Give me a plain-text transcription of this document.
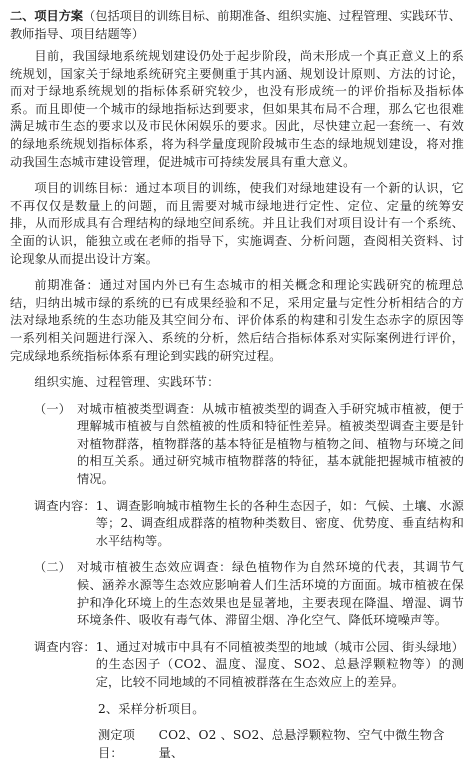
二、项目方案（包括项目的训练目标、前期准备、组织实施、过程管理、实践环节、教师指导、项目结题等）

目前，我国绿地系统规划建设仍处于起步阶段，尚未形成一个真正意义上的系统规划，国家关于绿地系统研究主要侧重于其内涵、规划设计原则、方法的讨论，而对于绿地系统规划的指标体系研究较少，也没有形成统一的评价指标及指标体系。而且即使一个城市的绿地指标达到要求，但如果其布局不合理，那么它也很难满足城市生态的要求以及市民休闲娱乐的要求。因此，尽快建立起一套统一、有效的绿地系统规划指标体系，将为科学量度现阶段城市生态的绿地规划建设，将对推动我国生态城市建设管理，促进城市可持续发展具有重大意义。

项目的训练目标：通过本项目的训练，使我们对绿地建设有一个新的认识，它不再仅仅是数量上的问题，而且需要对城市绿地进行定性、定位、定量的统筹安排，从而形成具有合理结构的绿地空间系统。并且让我们对项目设计有一个系统、全面的认识，能独立或在老师的指导下，实施调查、分析问题，查阅相关资料、讨论现象从而提出设计方案。

前期准备：通过对国内外已有生态城市的相关概念和理论实践研究的梳理总结，归纳出城市绿的系统的已有成果经验和不足，采用定量与定性分析相结合的方法对绿地系统的生态功能及其空间分布、评价体系的构建和引发生态赤字的原因等一系列相关问题进行深入、系统的分析，然后结合指标体系对实际案例进行评价，完成绿地系统指标体系有理论到实践的研究过程。

组织实施、过程管理、实践环节：

（一） 对城市植被类型调查：从城市植被类型的调查入手研究城市植被，便于理解城市植被与自然植被的性质和特征性差异。植被类型调查主要是针对植物群落，植物群落的基本特征是植物与植物之间、植物与环境之间的相互关系。通过研究城市植物群落的特征，基本就能把握城市植被的情况。
调查内容： 1、调查影响城市植物生长的各种生态因子，如：气候、土壤、水源等；2、调查组成群落的植物种类数目、密度、优势度、垂直结构和水平结构等。
（二） 对城市植被生态效应调查：绿色植物作为自然环境的代表，其调节气候、涵养水源等生态效应影响着人们生活环境的方面面。城市植被在保护和净化环境上的生态效果也是显著地，主要表现在降温、增湿、调节环境条件、吸收有毒气体、滞留尘烟、净化空气、降低环境噪声等。
调查内容： 1、通过对城市中具有不同植被类型的地域（城市公园、街头绿地）的生态因子（CO2、温度、湿度、SO2、总悬浮颗粒物等）的测定，比较不同地域的不同植被群落在生态效应上的差异。
2、采样分析项目。
测定项目：
CO2、O2 、SO2、总悬浮颗粒物、空气中微生物含量、
